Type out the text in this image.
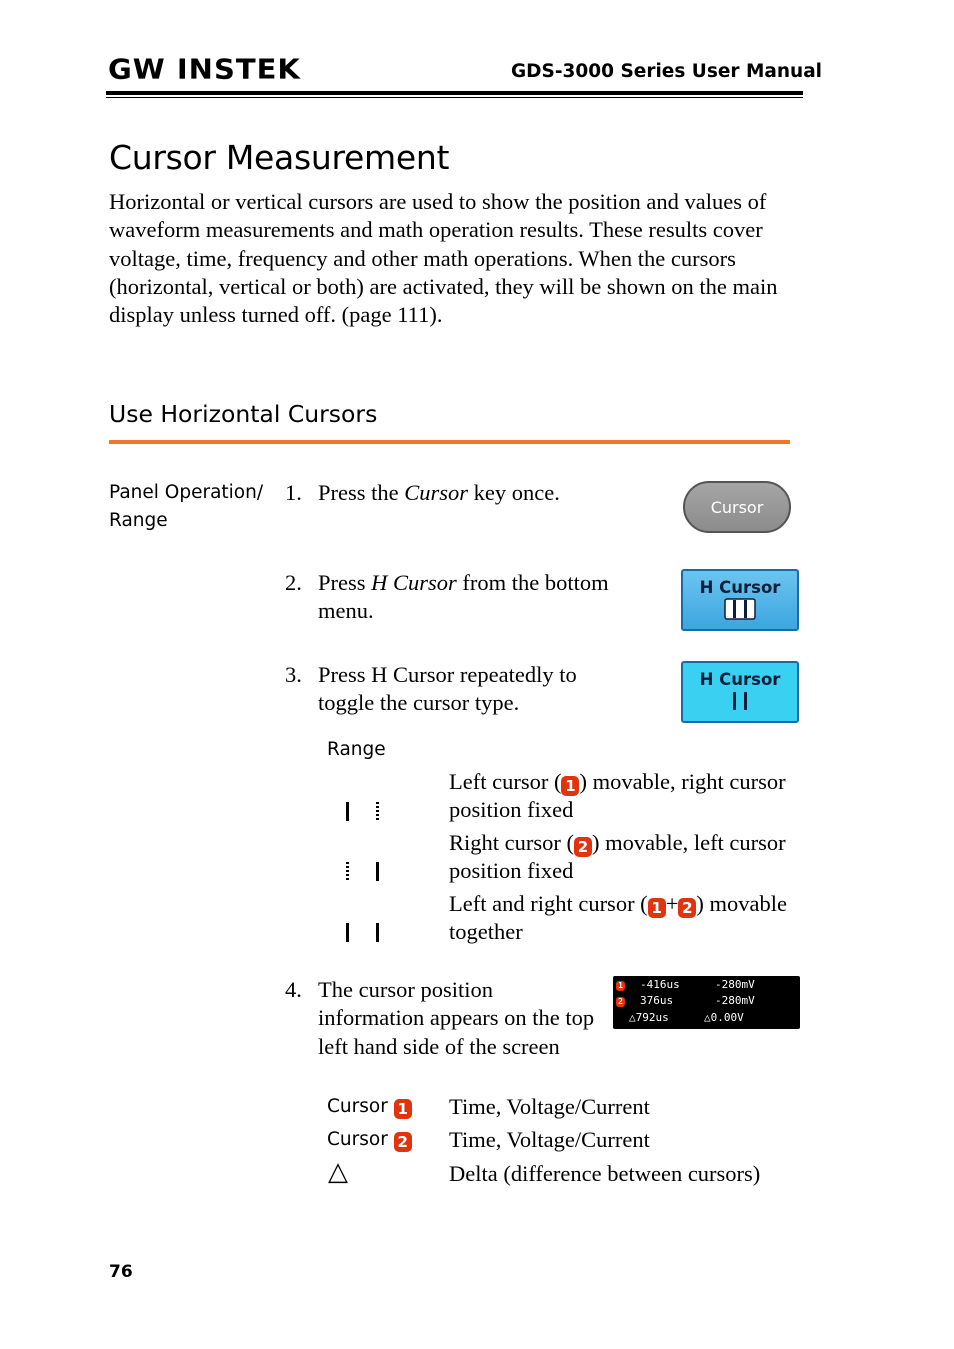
GW INSTEK	GDS-3000 Series User Manual
Cursor Measurement
Horizontal or vertical cursors are used to show the position and values of waveform measurements and math operation results. These results cover voltage, time, frequency and other math operations. When the cursors (horizontal, vertical or both) are activated, they will be shown on the main display unless turned off. (page 111).
Use Horizontal Cursors
Panel Operation/
Range
1. Press the Cursor key once.
Cursor
2. Press H Cursor from the bottom menu.
H Cursor
3. Press H Cursor repeatedly to toggle the cursor type.
H Cursor
Range
Left cursor ( 1 ) movable, right cursor position fixed
Right cursor ( 2 ) movable, left cursor position fixed
Left and right cursor ( 1 + 2 ) movable together
4. The cursor position information appears on the top left hand side of the screen
1 -416us	-280mV
2 376us	-280mV
△792us	△0.00V
Cursor 1 Time, Voltage/Current
Cursor 2 Time, Voltage/Current
△	Delta (difference between cursors)
76
